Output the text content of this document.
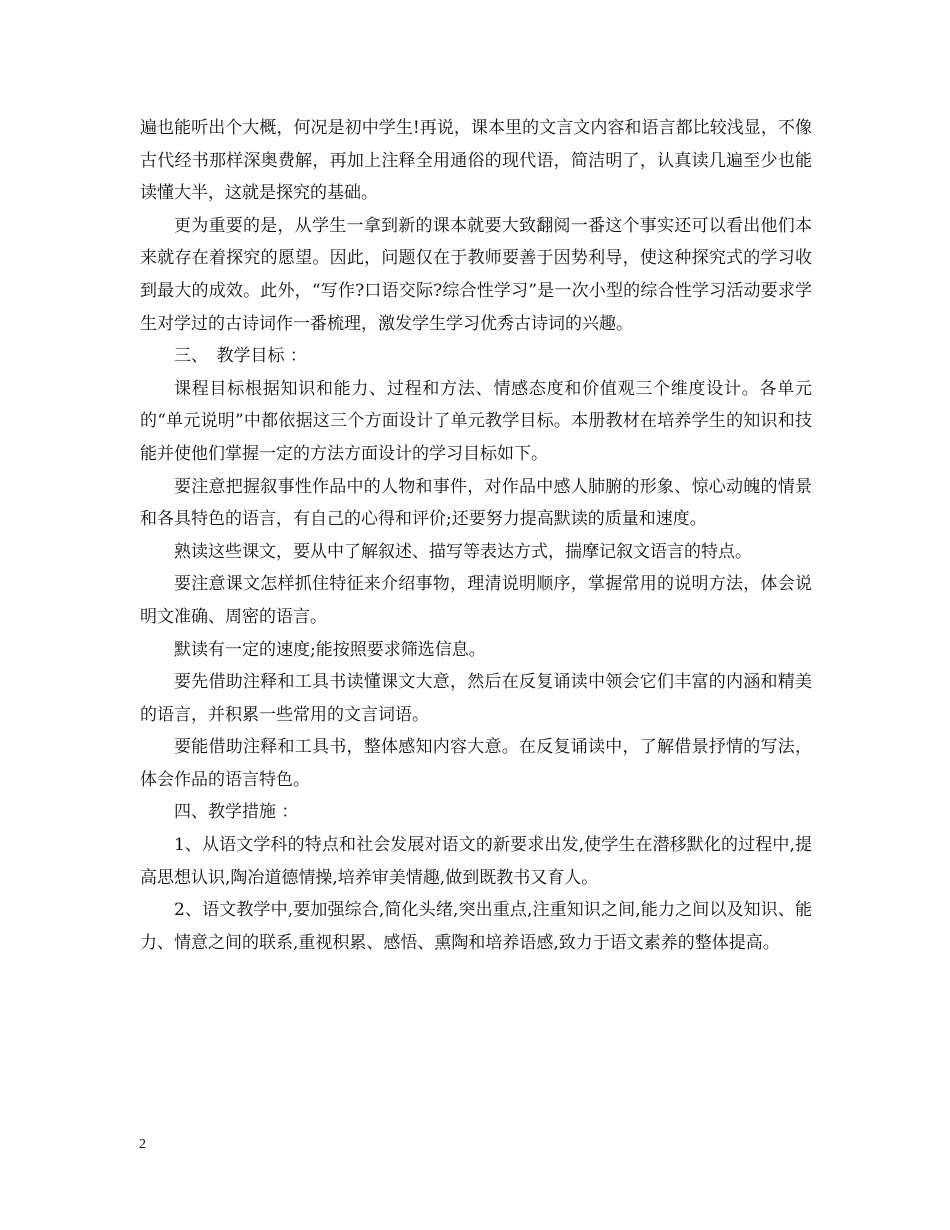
遍也能听出个大概，何况是初中学生!再说，课本里的文言文内容和语言都比较浅显，不像古代经书那样深奥费解，再加上注释全用通俗的现代语，简洁明了，认真读几遍至少也能读懂大半，这就是探究的基础。

更为重要的是，从学生一拿到新的课本就要大致翻阅一番这个事实还可以看出他们本来就存在着探究的愿望。因此，问题仅在于教师要善于因势利导，使这种探究式的学习收到最大的成效。此外，“写作?口语交际?综合性学习”是一次小型的综合性学习活动要求学生对学过的古诗词作一番梳理，激发学生学习优秀古诗词的兴趣。

三、　教学目标 ：

课程目标根据知识和能力、过程和方法、情感态度和价值观三个维度设计。各单元的“单元说明”中都依据这三个方面设计了单元教学目标。本册教材在培养学生的知识和技能并使他们掌握一定的方法方面设计的学习目标如下。

要注意把握叙事性作品中的人物和事件，对作品中感人肺腑的形象、惊心动魄的情景和各具特色的语言，有自己的心得和评价;还要努力提高默读的质量和速度。

熟读这些课文，要从中了解叙述、描写等表达方式，揣摩记叙文语言的特点。

要注意课文怎样抓住特征来介绍事物，理清说明顺序，掌握常用的说明方法，体会说明文准确、周密的语言。

默读有一定的速度;能按照要求筛选信息。

要先借助注释和工具书读懂课文大意，然后在反复诵读中领会它们丰富的内涵和精美的语言，并积累一些常用的文言词语。

要能借助注释和工具书，整体感知内容大意。在反复诵读中，了解借景抒情的写法，体会作品的语言特色。

四、教学措施 ：

1、从语文学科的特点和社会发展对语文的新要求出发,使学生在潜移默化的过程中,提高思想认识,陶冶道德情操,培养审美情趣,做到既教书又育人。

2、语文教学中,要加强综合,简化头绪,突出重点,注重知识之间,能力之间以及知识、能力、情意之间的联系,重视积累、感悟、熏陶和培养语感,致力于语文素养的整体提高。

2
